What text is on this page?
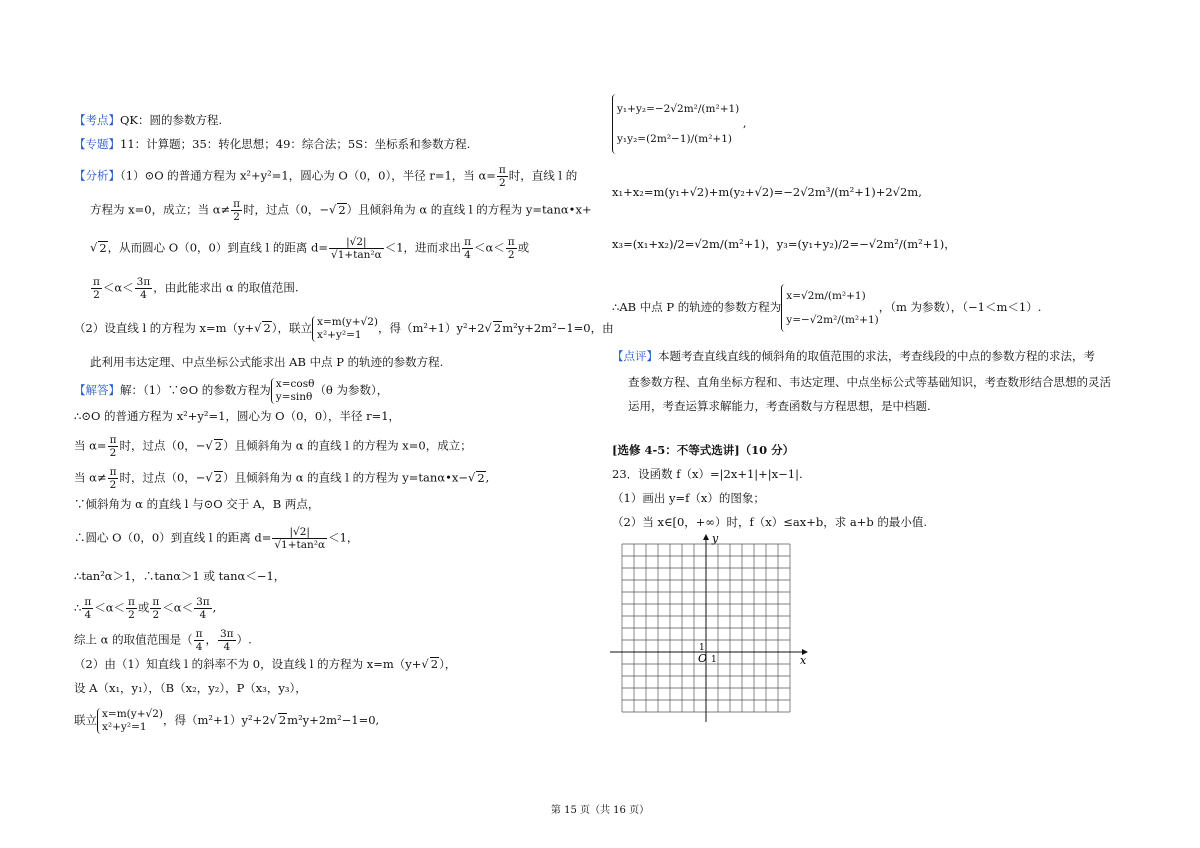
【考点】QK：圆的参数方程.
【专题】11：计算题；35：转化思想；49：综合法；5S：坐标系和参数方程.
【分析】（1）⊙O 的普通方程为 x²+y²=1，圆心为 O（0，0），半径 r=1，当 $\alpha= \frac{\pi}{2}$ 时，直线 l 的
方程为 x=0，成立；当 $\alpha\ne \frac{\pi}{2}$ 时，过点（0，−√ 2）且倾斜角为 α 的直线 l 的方程为 y=tanα•x+
√ 2，从而圆心 O（0，0）到直线 l 的距离 $d= \frac{|√2|}{\text{√1+tan²α}} <1$，进而求出 $\frac{\pi}{4} <\alpha< \frac{\pi}{2}$ 或
$\frac{\pi}{2} <\alpha< \frac{3\pi}{4}$ ，由此能求出 α 的取值范围.
（2）设直线 l 的方程为 x=m（y+√ 2），联立 x=m(y+√2)
x²+y²=1	，得（m²+1）y²+2√ 2m²y+2m²−1=0，由
此利用韦达定理、中点坐标公式能求出 AB 中点 P 的轨迹的参数方程.
【解答】解：（1）∵⊙O 的参数方程为 x=cosθ
y=sinθ （θ 为参数），
∴⊙O 的普通方程为 x²+y²=1，圆心为 O（0，0），半径 r=1，
当 $\alpha= \frac{\pi}{2}$ 时，过点（0，−√ 2）且倾斜角为 α 的直线 l 的方程为 x=0，成立；
当 $\alpha\ne \frac{\pi}{2}$ 时，过点（0，−√ 2）且倾斜角为 α 的直线 l 的方程为 y=tanα•x−√ 2,
∵倾斜角为 α 的直线 l 与⊙O 交于 A，B 两点，
∴圆心 O（0，0）到直线 l 的距离 $d= \frac{|√2|}{\text{√1+tan²α}} <1$，
∴tan²α＞1，∴tanα＞1 或 tanα＜−1，
∴ $\frac{\pi}{4} <\alpha< \frac{\pi}{2}$ 或 $\frac{\pi}{2} <\alpha< \frac{3\pi}{4}$ ,
综上 α 的取值范围是（ $\frac{\pi}{4}$ ， $\frac{3\pi}{4}$ ）.
（2）由（1）知直线 l 的斜率不为 0，设直线 l 的方程为 x=m（y+√ 2），
设 A（x₁，y₁），（B（x₂，y₂），P（x₃，y₃），
联立 x=m(y+√2)
x²+y²=1	，得（m²+1）y²+2√ 2m²y+2m²−1=0,
y₁+y₂=−2√2m²/(m²+1)
y₁y₂=(2m²−1)/(m²+1)
,
x₁+x₂=m(y₁+√2)+m(y₂+√2)=−2√2m³/(m²+1)+2√2m,
x₃=(x₁+x₂)/2=√2m/(m²+1)，y₃=(y₁+y₂)/2=−√2m²/(m²+1)，
∴AB 中点 P 的轨迹的参数方程为
x=√2m/(m²+1)
y=−√2m²/(m²+1)
，（m 为参数），（−1＜m＜1）.
【点评】本题考查直线直线的倾斜角的取值范围的求法，考查线段的中点的参数方程的求法，考
查参数方程、直角坐标方程和、韦达定理、中点坐标公式等基础知识，考查数形结合思想的灵活
运用，考查运算求解能力，考查函数与方程思想，是中档题.
[选修 4-5：不等式选讲]（10 分）
23．设函数 f（x）=|2x+1|+|x−1|.
（1）画出 y=f（x）的图象；
（2）当 x∈[0，+∞）时，f（x）≤ax+b，求 a+b 的最小值.
x
y
O 1
1
第 15 页（共 16 页）
